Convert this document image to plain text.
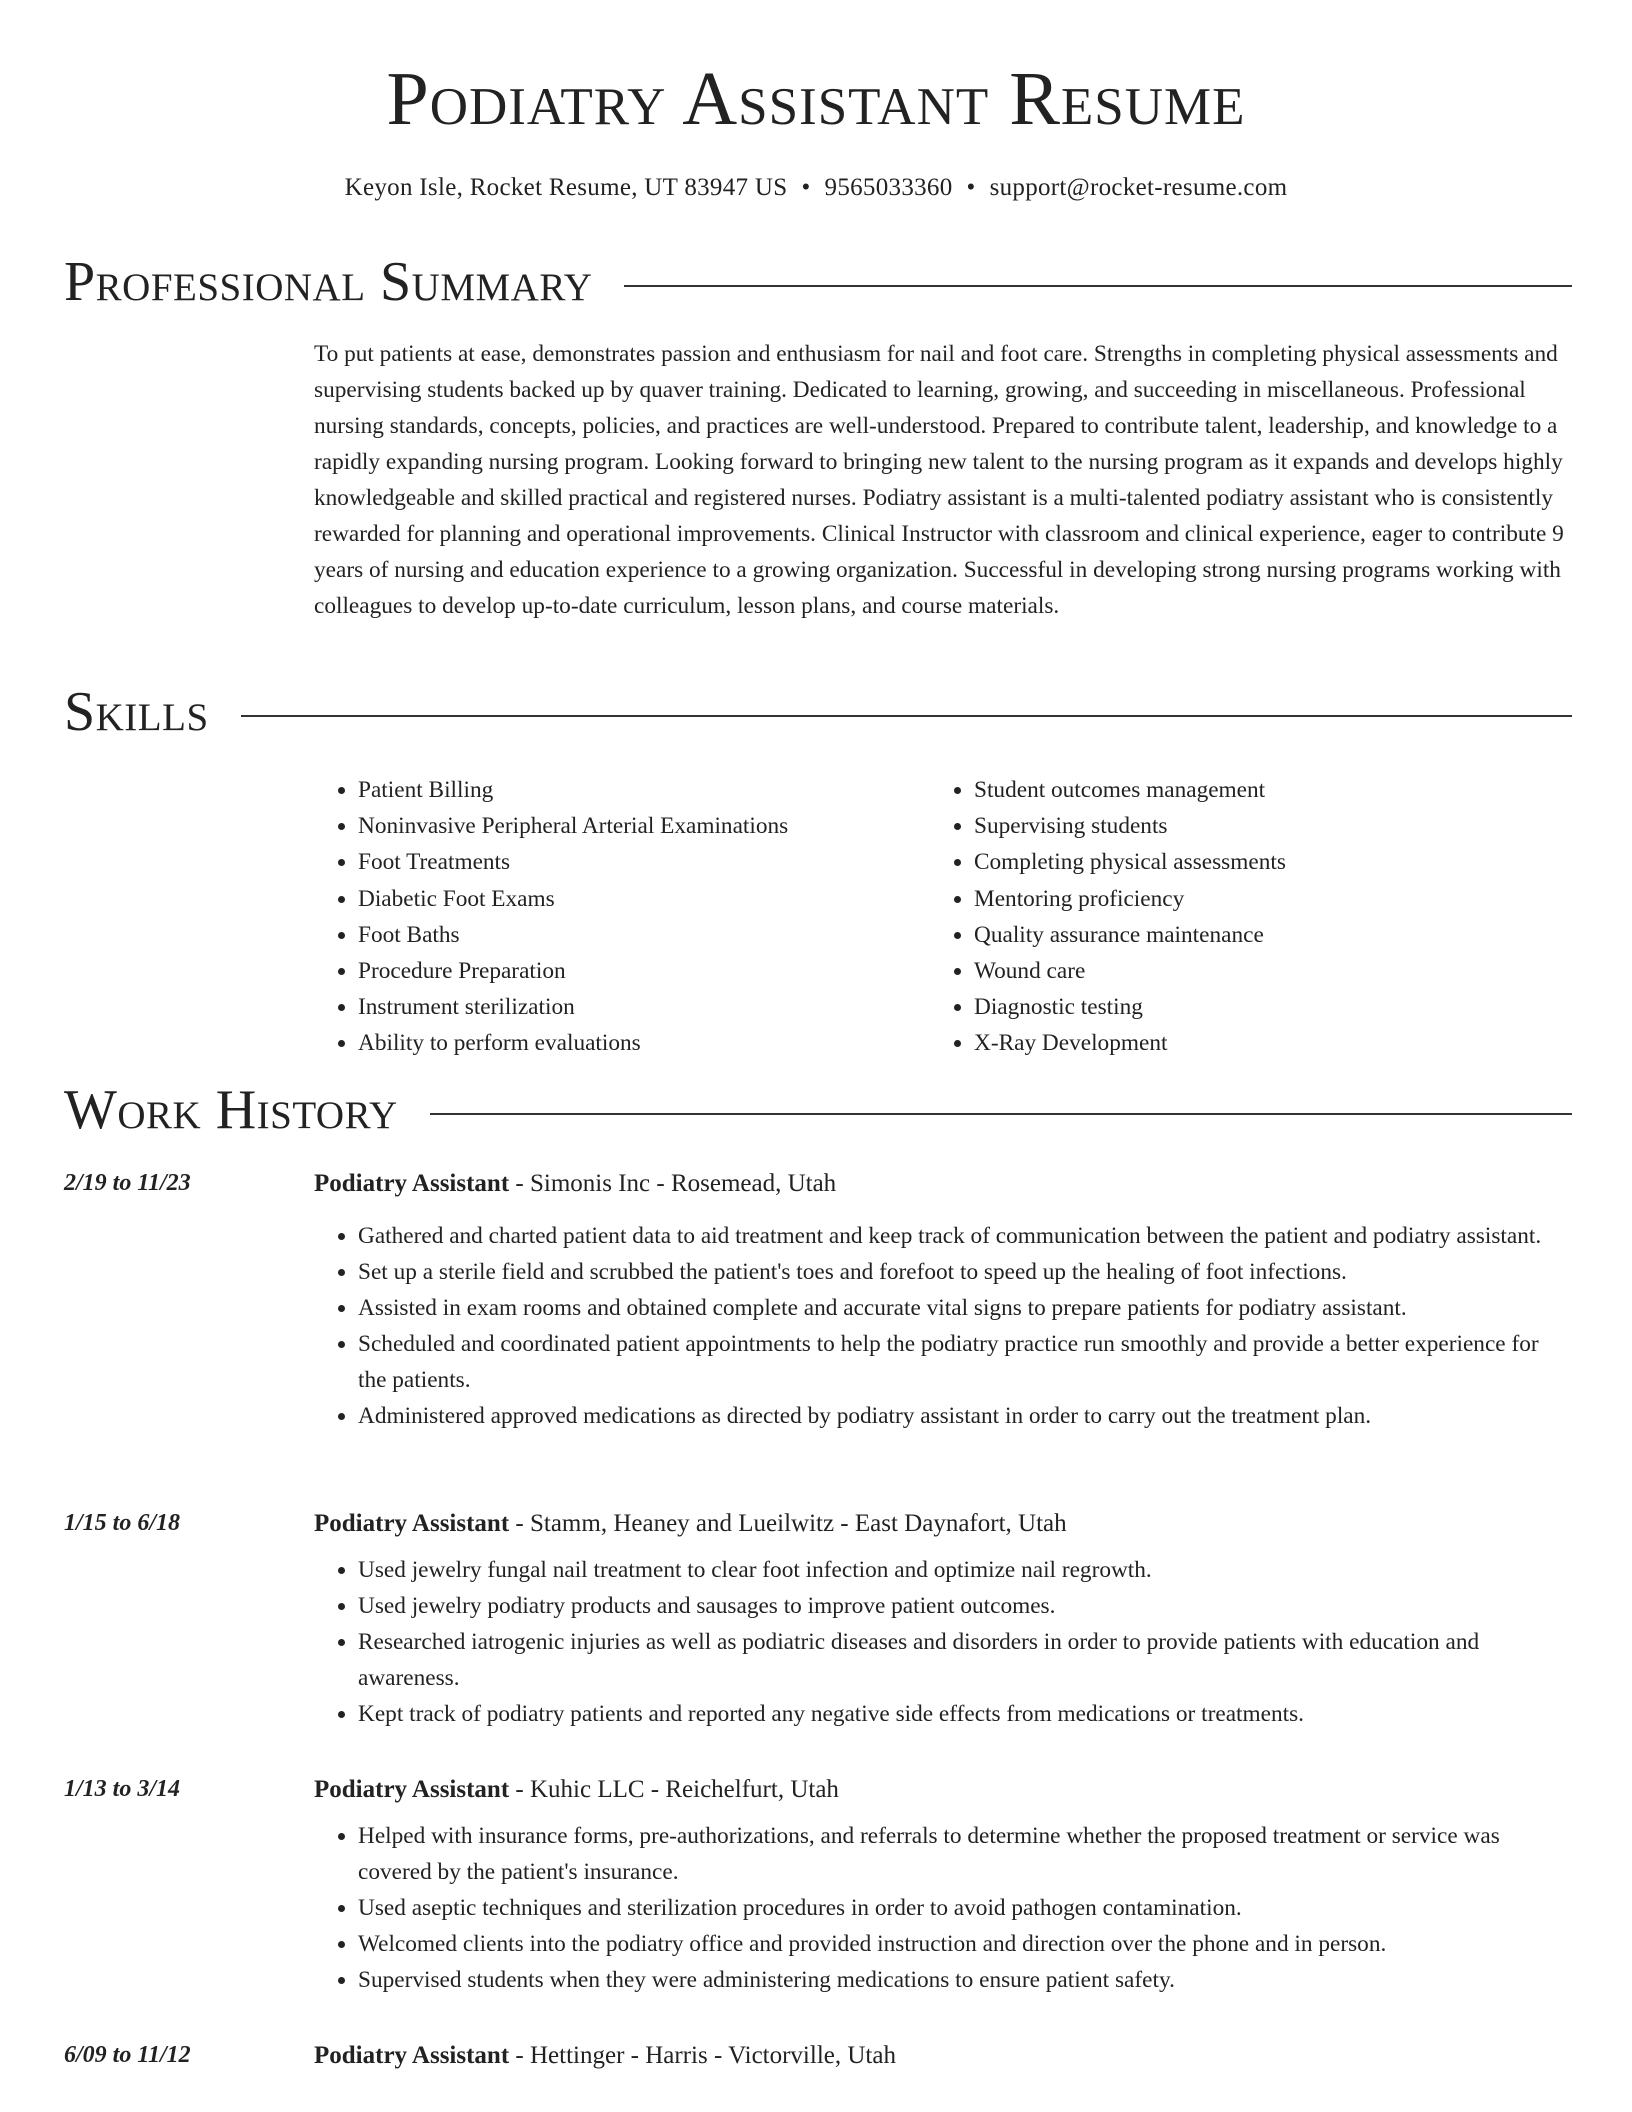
Podiatry Assistant Resume
Keyon Isle, Rocket Resume, UT 83947 US • 9565033360 • support@rocket-resume.com
Professional Summary
To put patients at ease, demonstrates passion and enthusiasm for nail and foot care. Strengths in completing physical assessments and supervising students backed up by quaver training. Dedicated to learning, growing, and succeeding in miscellaneous. Professional nursing standards, concepts, policies, and practices are well-understood. Prepared to contribute talent, leadership, and knowledge to a rapidly expanding nursing program. Looking forward to bringing new talent to the nursing program as it expands and develops highly knowledgeable and skilled practical and registered nurses. Podiatry assistant is a multi-talented podiatry assistant who is consistently rewarded for planning and operational improvements. Clinical Instructor with classroom and clinical experience, eager to contribute 9 years of nursing and education experience to a growing organization. Successful in developing strong nursing programs working with colleagues to develop up-to-date curriculum, lesson plans, and course materials.
Skills
• Patient Billing
• Noninvasive Peripheral Arterial Examinations
• Foot Treatments
• Diabetic Foot Exams
• Foot Baths
• Procedure Preparation
• Instrument sterilization
• Ability to perform evaluations
• Student outcomes management
• Supervising students
• Completing physical assessments
• Mentoring proficiency
• Quality assurance maintenance
• Wound care
• Diagnostic testing
• X-Ray Development
Work History
2/19 to 11/23	Podiatry Assistant - Simonis Inc - Rosemead, Utah
• Gathered and charted patient data to aid treatment and keep track of communication between the patient and podiatry assistant.
• Set up a sterile field and scrubbed the patient's toes and forefoot to speed up the healing of foot infections.
• Assisted in exam rooms and obtained complete and accurate vital signs to prepare patients for podiatry assistant.
• Scheduled and coordinated patient appointments to help the podiatry practice run smoothly and provide a better experience for the patients.
• Administered approved medications as directed by podiatry assistant in order to carry out the treatment plan.
1/15 to 6/18	Podiatry Assistant - Stamm, Heaney and Lueilwitz - East Daynafort, Utah
• Used jewelry fungal nail treatment to clear foot infection and optimize nail regrowth.
• Used jewelry podiatry products and sausages to improve patient outcomes.
• Researched iatrogenic injuries as well as podiatric diseases and disorders in order to provide patients with education and awareness.
• Kept track of podiatry patients and reported any negative side effects from medications or treatments.
1/13 to 3/14	Podiatry Assistant - Kuhic LLC - Reichelfurt, Utah
• Helped with insurance forms, pre-authorizations, and referrals to determine whether the proposed treatment or service was covered by the patient's insurance.
• Used aseptic techniques and sterilization procedures in order to avoid pathogen contamination.
• Welcomed clients into the podiatry office and provided instruction and direction over the phone and in person.
• Supervised students when they were administering medications to ensure patient safety.
6/09 to 11/12	Podiatry Assistant - Hettinger - Harris - Victorville, Utah
